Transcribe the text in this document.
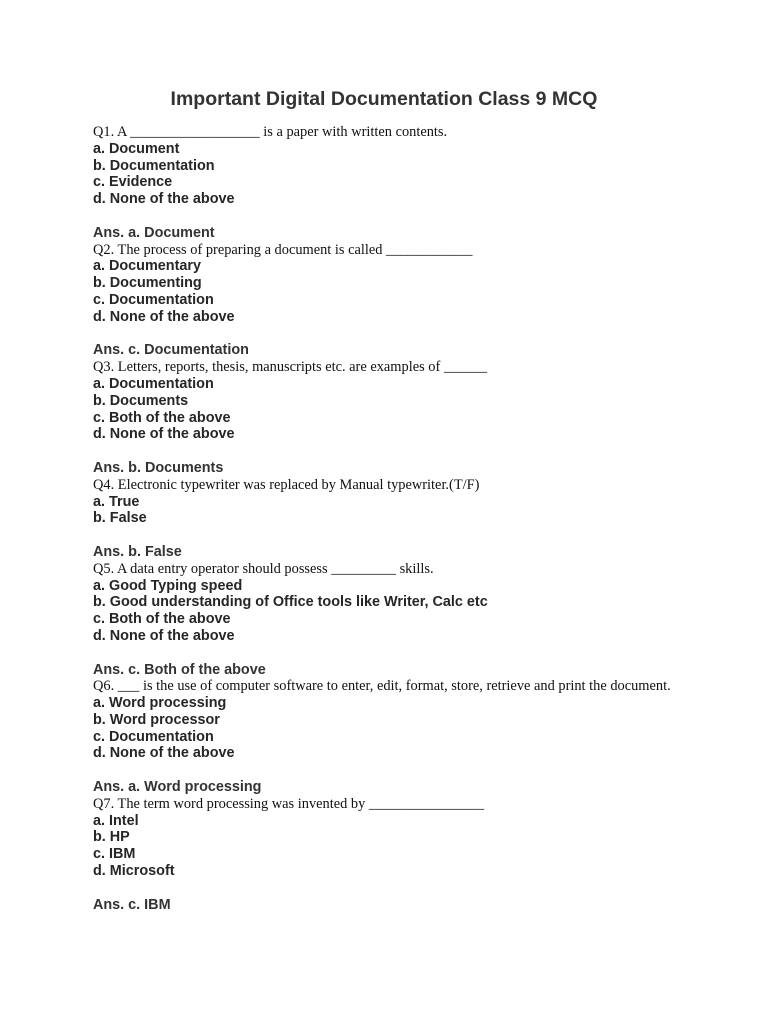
Important Digital Documentation Class 9 MCQ

Q1. A __________________ is a paper with written contents.

a. Document

b. Documentation

c. Evidence

d. None of the above

Ans. a. Document

Q2. The process of preparing a document is called ____________

a. Documentary

b. Documenting

c. Documentation

d. None of the above

Ans. c. Documentation

Q3. Letters, reports, thesis, manuscripts etc. are examples of ______

a. Documentation

b. Documents

c. Both of the above

d. None of the above

Ans. b. Documents

Q4. Electronic typewriter was replaced by Manual typewriter.(T/F)

a. True

b. False

Ans. b. False

Q5. A data entry operator should possess _________ skills.

a. Good Typing speed

b. Good understanding of Office tools like Writer, Calc etc

c. Both of the above

d. None of the above

Ans. c. Both of the above

Q6. ___ is the use of computer software to enter, edit, format, store, retrieve and print the document.

a. Word processing

b. Word processor

c. Documentation

d. None of the above

Ans. a. Word processing

Q7. The term word processing was invented by ________________

a. Intel

b. HP

c. IBM

d. Microsoft

Ans. c. IBM
